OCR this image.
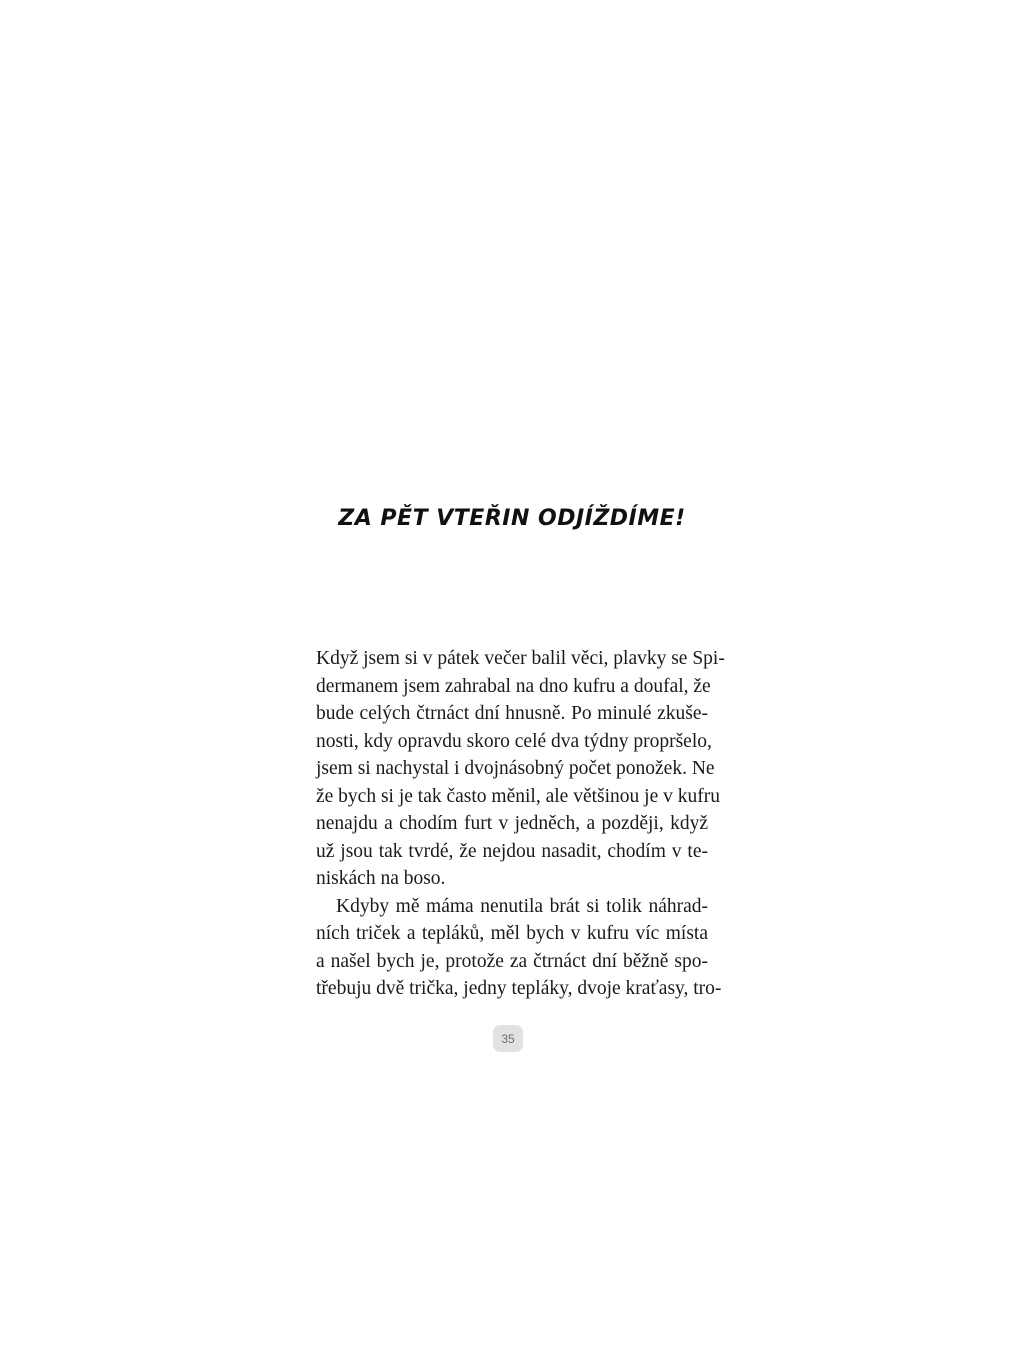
ZA PĚT VTEŘIN ODJÍŽDÍME!

Když jsem si v pátek večer balil věci, plavky se Spi-
dermanem jsem zahrabal na dno kufru a doufal, že
bude celých čtrnáct dní hnusně. Po minulé zkuše-
nosti, kdy opravdu skoro celé dva týdny propršelo,
jsem si nachystal i dvojnásobný počet ponožek. Ne
že bych si je tak často měnil, ale většinou je v kufru
nenajdu a chodím furt v jedněch, a později, když
už jsou tak tvrdé, že nejdou nasadit, chodím v te-
niskách na boso.

Kdyby mě máma nenutila brát si tolik náhrad-
ních triček a tepláků, měl bych v kufru víc místa
a našel bych je, protože za čtrnáct dní běžně spo-
třebuju dvě trička, jedny tepláky, dvoje kraťasy, tro-

35
